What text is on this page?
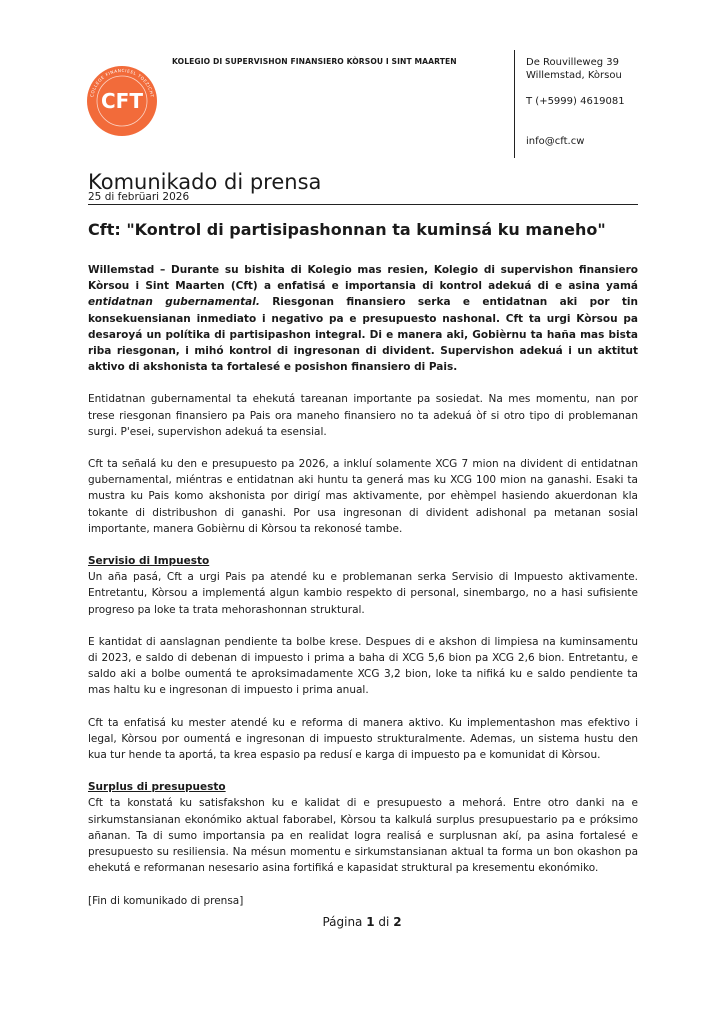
KOLEGIO DI SUPERVISHON FINANSIERO KÒRSOU I SINT MAARTEN
COLLEGE FINANCIEEL TOEZICHT
CFT
De Rouvilleweg 39
Willemstad, Kòrsou
T (+5999) 4619081
info@cft.cw
Komunikado di prensa
25 di febrüari 2026
Cft: "Kontrol di partisipashonnan ta kuminsá ku maneho"

Willemstad – Durante su bishita di Kolegio mas resien, Kolegio di supervishon finansiero Kòrsou i Sint Maarten (Cft) a enfatisá e importansia di kontrol adekuá di e asina yamá entidatnan gubernamental. Riesgonan finansiero serka e entidatnan aki por tin konsekuensianan inmediato i negativo pa e presupuesto nashonal. Cft ta urgi Kòrsou pa desaroyá un polítika di partisipashon integral. Di e manera aki, Gobièrnu ta haña mas bista riba riesgonan, i mihó kontrol di ingresonan di divident. Supervishon adekuá i un aktitut aktivo di akshonista ta fortalesé e posishon finansiero di Pais.

Entidatnan gubernamental ta ehekutá tareanan importante pa sosiedat. Na mes momentu, nan por trese riesgonan finansiero pa Pais ora maneho finansiero no ta adekuá òf si otro tipo di problemanan surgi. P'esei, supervishon adekuá ta esensial.

Cft ta señalá ku den e presupuesto pa 2026, a inkluí solamente XCG 7 mion na divident di entidatnan gubernamental, miéntras e entidatnan aki huntu ta generá mas ku XCG 100 mion na ganashi. Esaki ta mustra ku Pais komo akshonista por dirigí mas aktivamente, por ehèmpel hasiendo akuerdonan kla tokante di distribushon di ganashi. Por usa ingresonan di divident adishonal pa metanan sosial importante, manera Gobièrnu di Kòrsou ta rekonosé tambe.

Servisio di Impuesto

Un aña pasá, Cft a urgi Pais pa atendé ku e problemanan serka Servisio di Impuesto aktivamente. Entretantu, Kòrsou a implementá algun kambio respekto di personal, sinembargo, no a hasi sufisiente progreso pa loke ta trata mehorashonnan struktural.

E kantidat di aanslagnan pendiente ta bolbe krese. Despues di e akshon di limpiesa na kuminsamentu di 2023, e saldo di debenan di impuesto i prima a baha di XCG 5,6 bion pa XCG 2,6 bion. Entretantu, e saldo aki a bolbe oumentá te aproksimadamente XCG 3,2 bion, loke ta nifiká ku e saldo pendiente ta mas haltu ku e ingresonan di impuesto i prima anual.

Cft ta enfatisá ku mester atendé ku e reforma di manera aktivo. Ku implementashon mas efektivo i legal, Kòrsou por oumentá e ingresonan di impuesto strukturalmente. Ademas, un sistema hustu den kua tur hende ta aportá, ta krea espasio pa redusí e karga di impuesto pa e komunidat di Kòrsou.

Surplus di presupuesto

Cft ta konstatá ku satisfakshon ku e kalidat di e presupuesto a mehorá. Entre otro danki na e sirkumstansianan ekonómiko aktual faborabel, Kòrsou ta kalkulá surplus presupuestario pa e próksimo añanan. Ta di sumo importansia pa en realidat logra realisá e surplusnan akí, pa asina fortalesé e presupuesto su resiliensia. Na mésun momentu e sirkumstansianan aktual ta forma un bon okashon pa ehekutá e reformanan nesesario asina fortifiká e kapasidat struktural pa kresementu ekonómiko.

[Fin di komunikado di prensa]

Página 1 di 2
